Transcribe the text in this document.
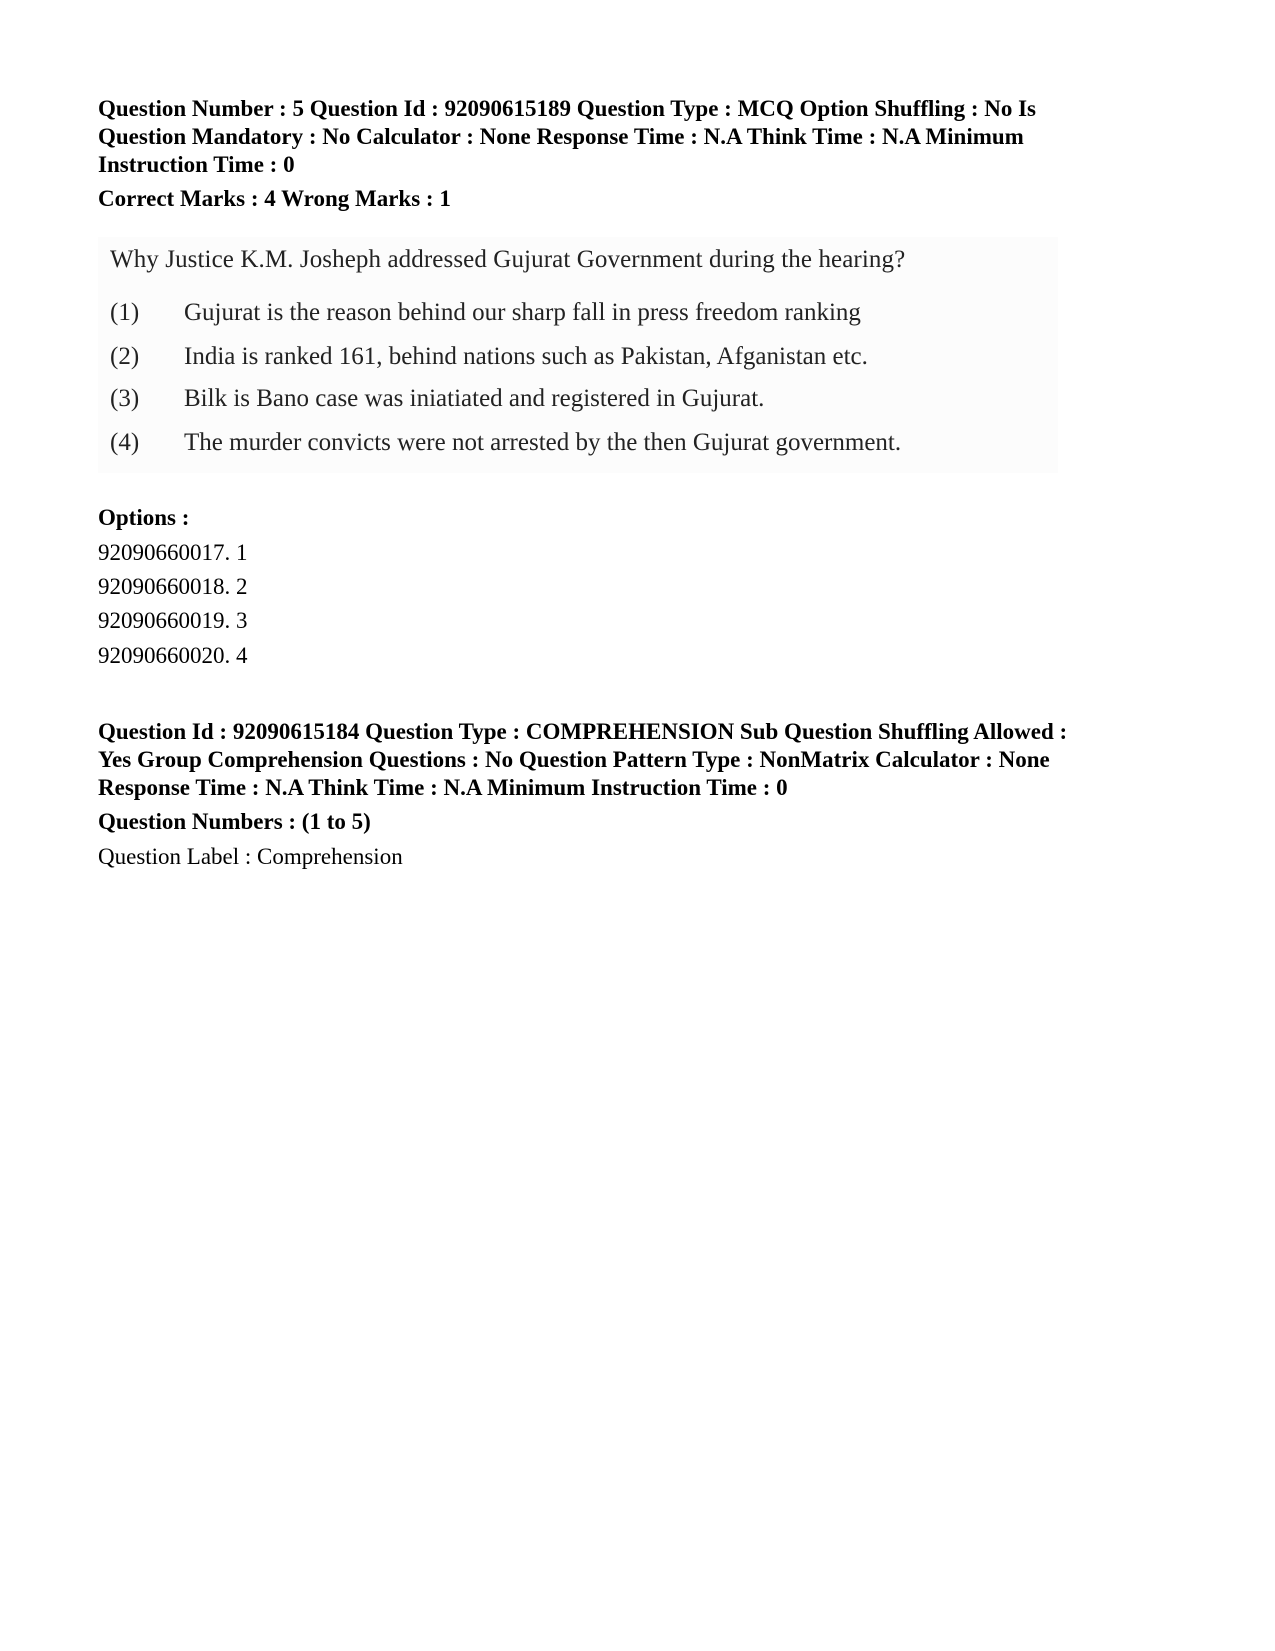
Question Number : 5 Question Id : 92090615189 Question Type : MCQ Option Shuffling : No Is
Question Mandatory : No Calculator : None Response Time : N.A Think Time : N.A Minimum
Instruction Time : 0
Correct Marks : 4 Wrong Marks : 1
Why Justice K.M. Josheph addressed Gujurat Government during the hearing?
(1)	Gujurat is the reason behind our sharp fall in press freedom ranking
(2)	India is ranked 161, behind nations such as Pakistan, Afganistan etc.
(3)	Bilk is Bano case was iniatiated and registered in Gujurat.
(4)	The murder convicts were not arrested by the then Gujurat government.
Options :
92090660017. 1
92090660018. 2
92090660019. 3
92090660020. 4
Question Id : 92090615184 Question Type : COMPREHENSION Sub Question Shuffling Allowed :
Yes Group Comprehension Questions : No Question Pattern Type : NonMatrix Calculator : None
Response Time : N.A Think Time : N.A Minimum Instruction Time : 0
Question Numbers : (1 to 5)
Question Label : Comprehension
